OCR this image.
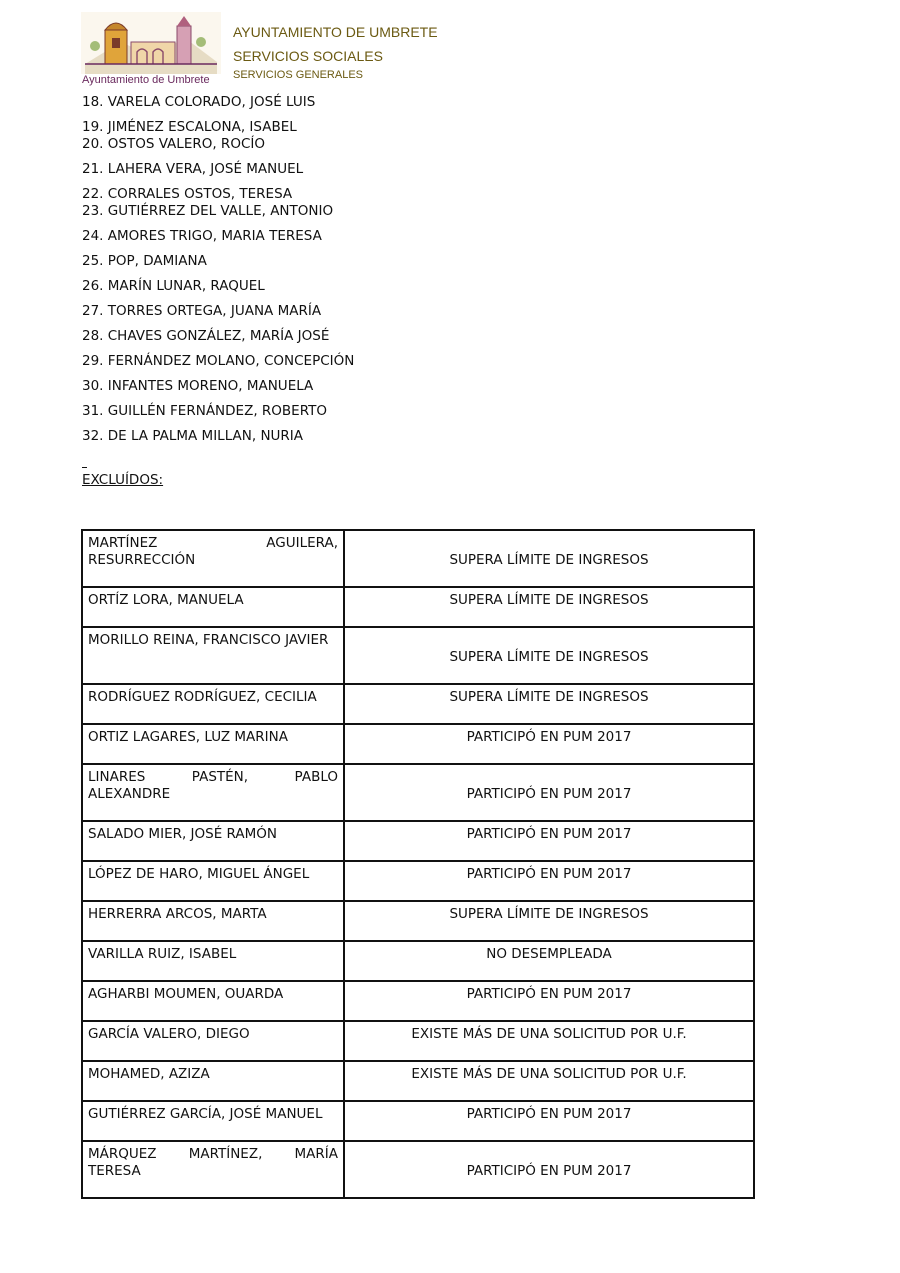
Ayuntamiento de Umbrete
AYUNTAMIENTO DE UMBRETE
SERVICIOS SOCIALES
SERVICIOS GENERALES
18. VARELA COLORADO, JOSÉ LUIS
19. JIMÉNEZ ESCALONA, ISABEL
20. OSTOS VALERO, ROCÍO
21. LAHERA VERA, JOSÉ MANUEL
22. CORRALES OSTOS, TERESA
23. GUTIÉRREZ DEL VALLE, ANTONIO
24. AMORES TRIGO, MARIA TERESA
25. POP, DAMIANA
26. MARÍN LUNAR, RAQUEL
27. TORRES ORTEGA, JUANA MARÍA
28. CHAVES GONZÁLEZ, MARÍA JOSÉ
29. FERNÁNDEZ MOLANO, CONCEPCIÓN
30. INFANTES MORENO, MANUELA
31. GUILLÉN FERNÁNDEZ, ROBERTO
32. DE LA PALMA MILLAN, NURIA
EXCLUÍDOS:
MARTÍNEZ AGUILERA, RESURRECCIÓN	SUPERA LÍMITE DE INGRESOS
ORTÍZ LORA, MANUELA	SUPERA LÍMITE DE INGRESOS
MORILLO REINA, FRANCISCO JAVIER	SUPERA LÍMITE DE INGRESOS
RODRÍGUEZ RODRÍGUEZ, CECILIA	SUPERA LÍMITE DE INGRESOS
ORTIZ LAGARES, LUZ MARINA	PARTICIPÓ EN PUM 2017
LINARES PASTÉN, PABLO ALEXANDRE	PARTICIPÓ EN PUM 2017
SALADO MIER, JOSÉ RAMÓN	PARTICIPÓ EN PUM 2017
LÓPEZ DE HARO, MIGUEL ÁNGEL	PARTICIPÓ EN PUM 2017
HERRERRA ARCOS, MARTA	SUPERA LÍMITE DE INGRESOS
VARILLA RUIZ, ISABEL	NO DESEMPLEADA
AGHARBI MOUMEN, OUARDA	PARTICIPÓ EN PUM 2017
GARCÍA VALERO, DIEGO	EXISTE MÁS DE UNA SOLICITUD POR U.F.
MOHAMED, AZIZA	EXISTE MÁS DE UNA SOLICITUD POR U.F.
GUTIÉRREZ GARCÍA, JOSÉ MANUEL	PARTICIPÓ EN PUM 2017
MÁRQUEZ MARTÍNEZ, MARÍA TERESA	PARTICIPÓ EN PUM 2017
